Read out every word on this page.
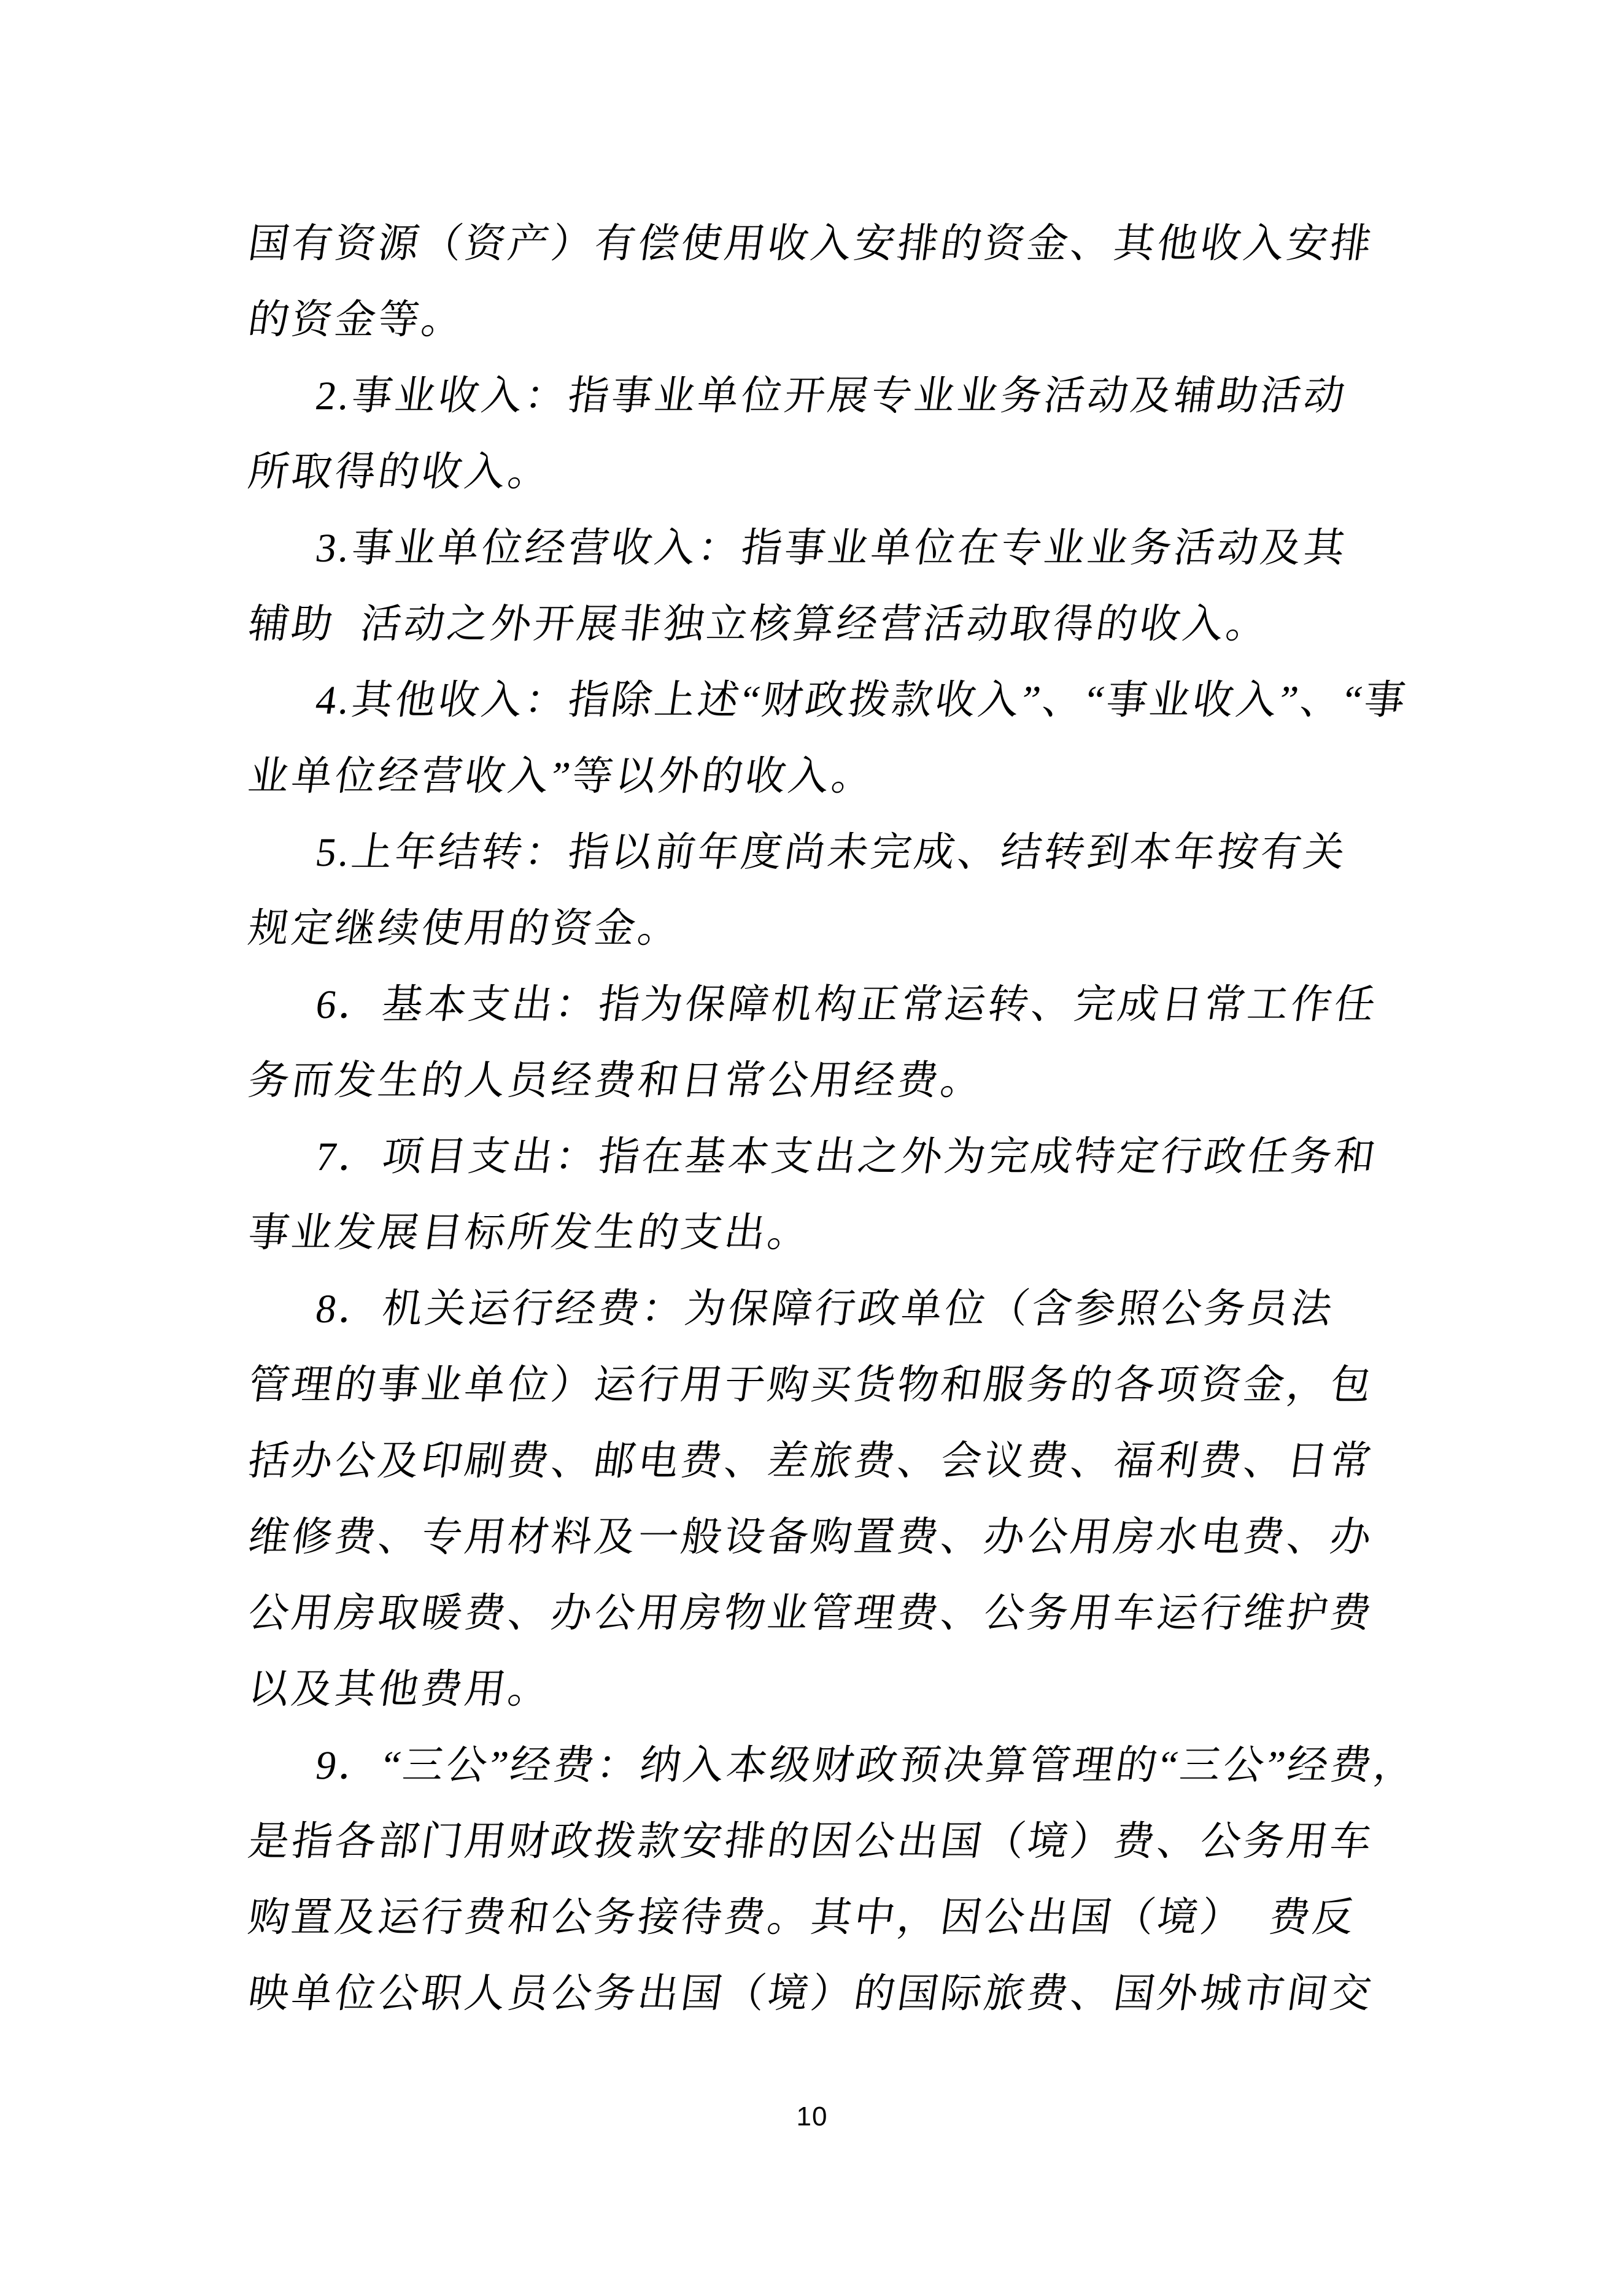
国有资源（资产）有偿使用收入安排的资金、其他收入安排
的资金等。
2.事业收入：指事业单位开展专业业务活动及辅助活动
所取得的收入。
3.事业单位经营收入：指事业单位在专业业务活动及其
辅助  活动之外开展非独立核算经营活动取得的收入。
4.其他收入：指除上述“财政拨款收入”、“事业收入”、“事
业单位经营收入”等以外的收入。
5.上年结转：指以前年度尚未完成、结转到本年按有关
规定继续使用的资金。
6．基本支出：指为保障机构正常运转、完成日常工作任
务而发生的人员经费和日常公用经费。
7．项目支出：指在基本支出之外为完成特定行政任务和
事业发展目标所发生的支出。
8．机关运行经费：为保障行政单位（含参照公务员法
管理的事业单位）运行用于购买货物和服务的各项资金，包
括办公及印刷费、邮电费、差旅费、会议费、福利费、日常
维修费、专用材料及一般设备购置费、办公用房水电费、办
公用房取暖费、办公用房物业管理费、公务用车运行维护费
以及其他费用。
9．“三公”经费：纳入本级财政预决算管理的“三公”经费，
是指各部门用财政拨款安排的因公出国（境）费、公务用车
购置及运行费和公务接待费。其中，因公出国（境）  费反
映单位公职人员公务出国（境）的国际旅费、国外城市间交
10
